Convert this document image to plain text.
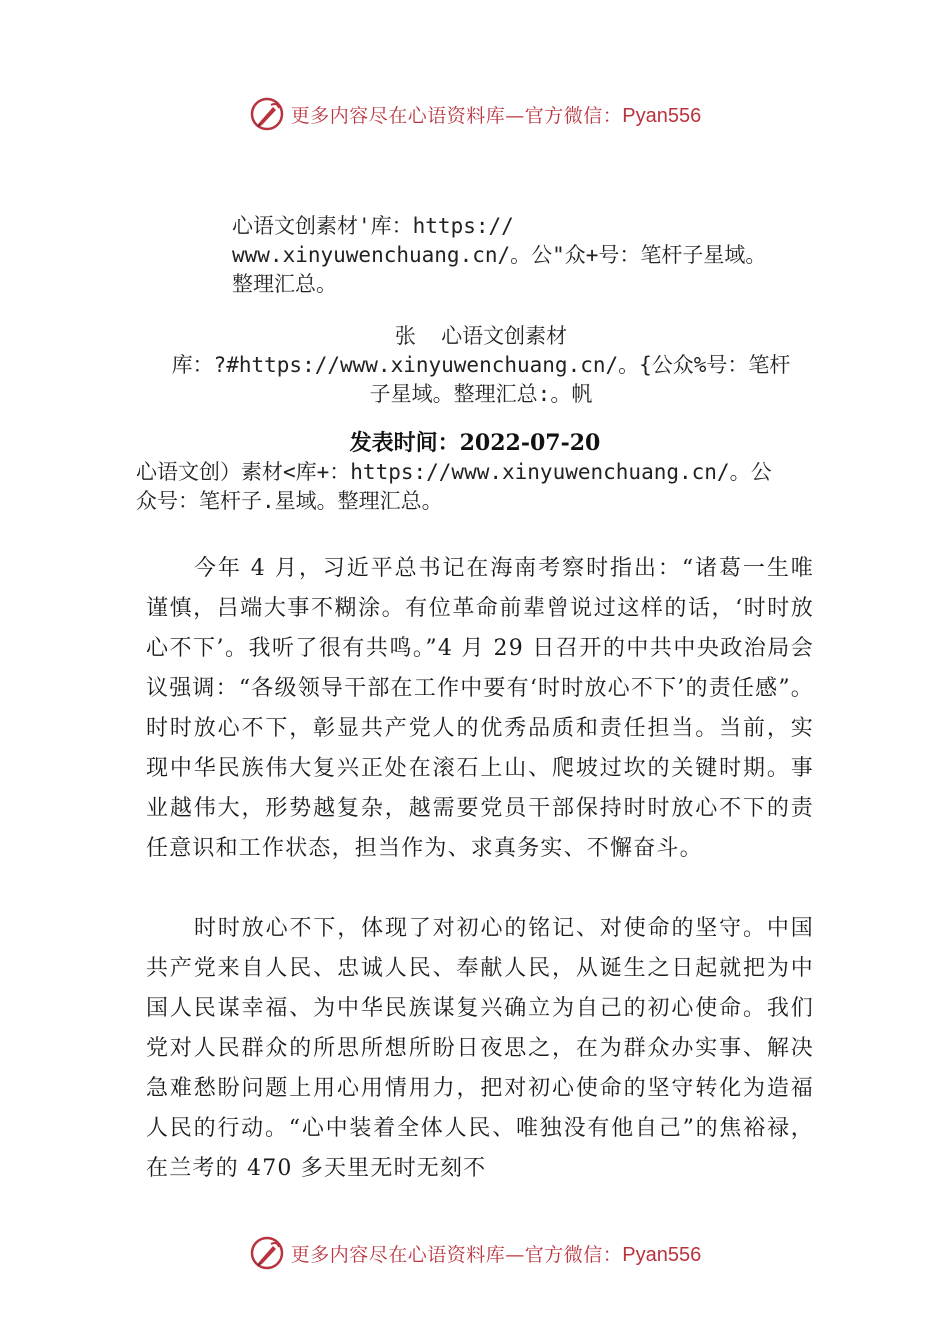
更多内容尽在心语资料库—官方微信：Pyan556
心语文创素材'库：https://
www.xinyuwenchuang.cn/。公"众+号：笔杆子星域。
整理汇总。
张  心语文创素材
库：?#https://www.xinyuwenchuang.cn/。{公众%号：笔杆
子星域。整理汇总:。帆
发表时间：2022-07-20
心语文创）素材<库+：https://www.xinyuwenchuang.cn/。公
众号：笔杆子.星域。整理汇总。

今年 4 月，习近平总书记在海南考察时指出：“诸葛一生唯谨慎，吕端大事不糊涂。有位革命前辈曾说过这样的话，‘时时放心不下’。我听了很有共鸣。”4 月 29 日召开的中共中央政治局会议强调：“各级领导干部在工作中要有‘时时放心不下’的责任感”。时时放心不下，彰显共产党人的优秀品质和责任担当。当前，实现中华民族伟大复兴正处在滚石上山、爬坡过坎的关键时期。事业越伟大，形势越复杂，越需要党员干部保持时时放心不下的责任意识和工作状态，担当作为、求真务实、不懈奋斗。

时时放心不下，体现了对初心的铭记、对使命的坚守。中国共产党来自人民、忠诚人民、奉献人民，从诞生之日起就把为中国人民谋幸福、为中华民族谋复兴确立为自己的初心使命。我们党对人民群众的所思所想所盼日夜思之，在为群众办实事、解决急难愁盼问题上用心用情用力，把对初心使命的坚守转化为造福人民的行动。“心中装着全体人民、唯独没有他自己”的焦裕禄，在兰考的 470 多天里无时无刻不

更多内容尽在心语资料库—官方微信：Pyan556
